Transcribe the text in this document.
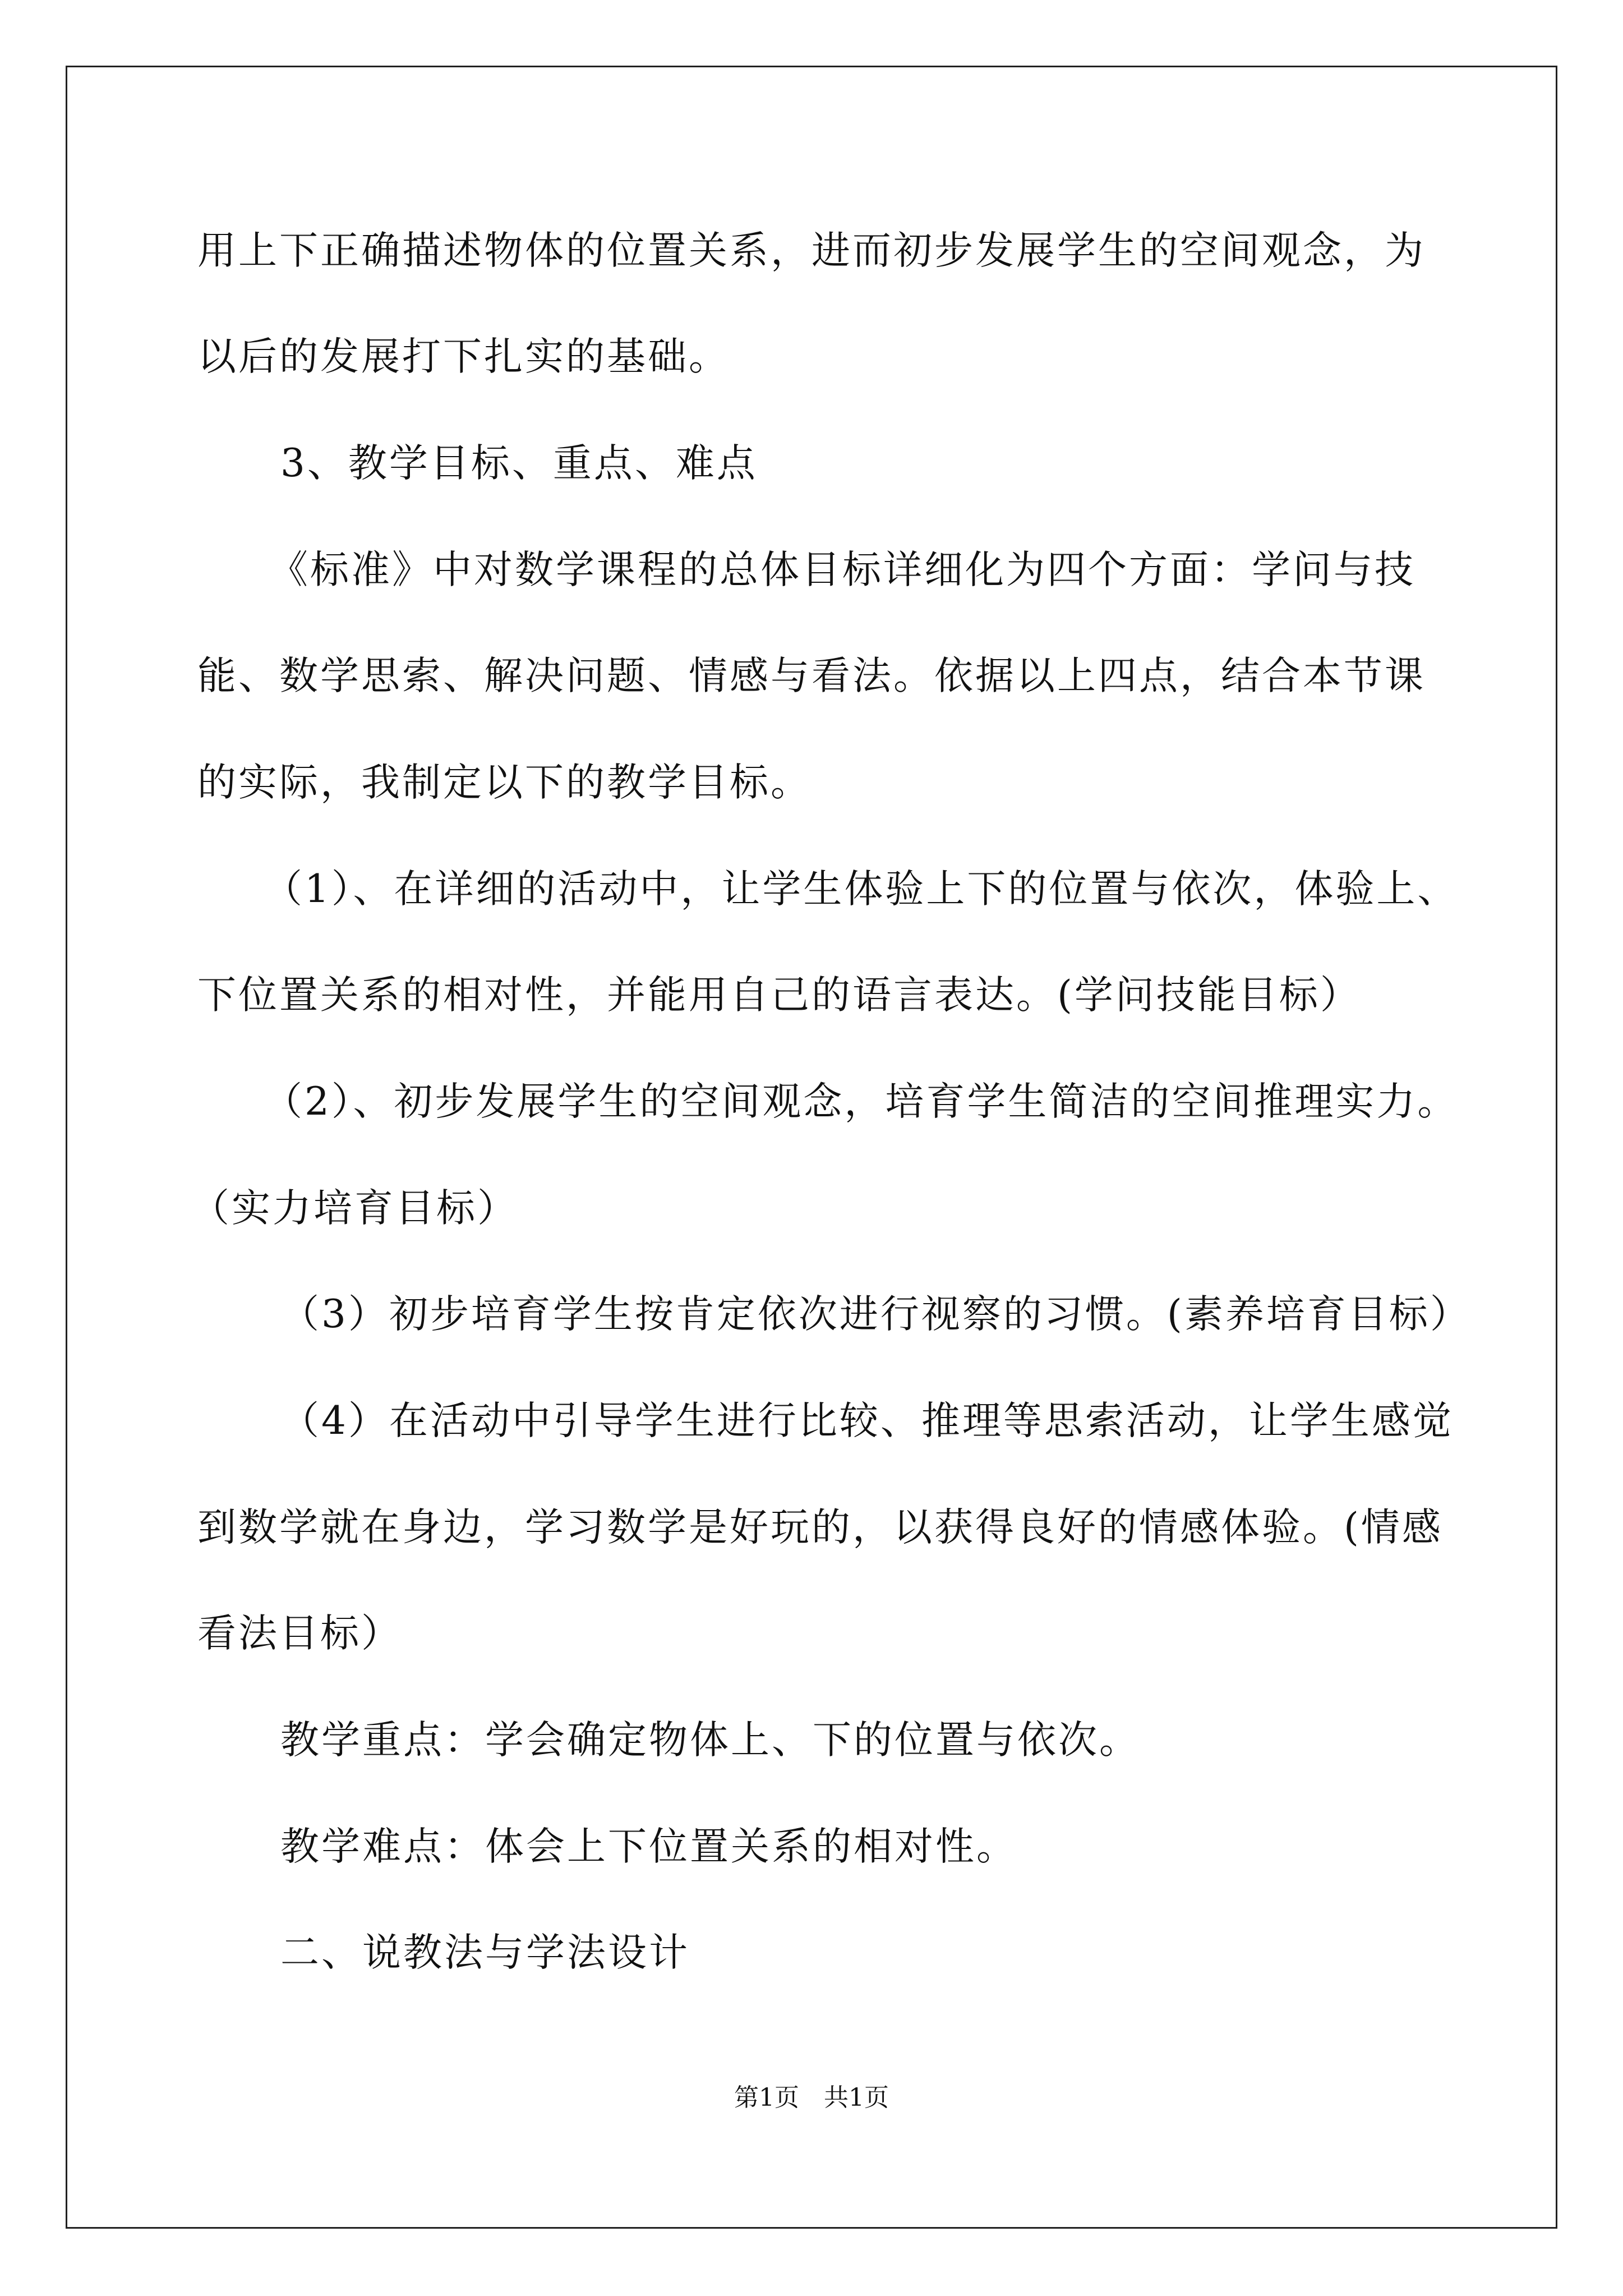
用上下正确描述物体的位置关系，进而初步发展学生的空间观念，为
以后的发展打下扎实的基础。
3、教学目标、重点、难点
《标准》中对数学课程的总体目标详细化为四个方面：学问与技
能、数学思索、解决问题、情感与看法。依据以上四点，结合本节课
的实际，我制定以下的教学目标。
（1）、在详细的活动中，让学生体验上下的位置与依次，体验上、
下位置关系的相对性，并能用自己的语言表达。(学问技能目标）
（2）、初步发展学生的空间观念，培育学生简洁的空间推理实力。
（实力培育目标）
（3）初步培育学生按肯定依次进行视察的习惯。(素养培育目标）
（4）在活动中引导学生进行比较、推理等思索活动，让学生感觉
到数学就在身边，学习数学是好玩的，以获得良好的情感体验。(情感
看法目标）
教学重点：学会确定物体上、下的位置与依次。
教学难点：体会上下位置关系的相对性。
二、说教法与学法设计
第1页　共1页
